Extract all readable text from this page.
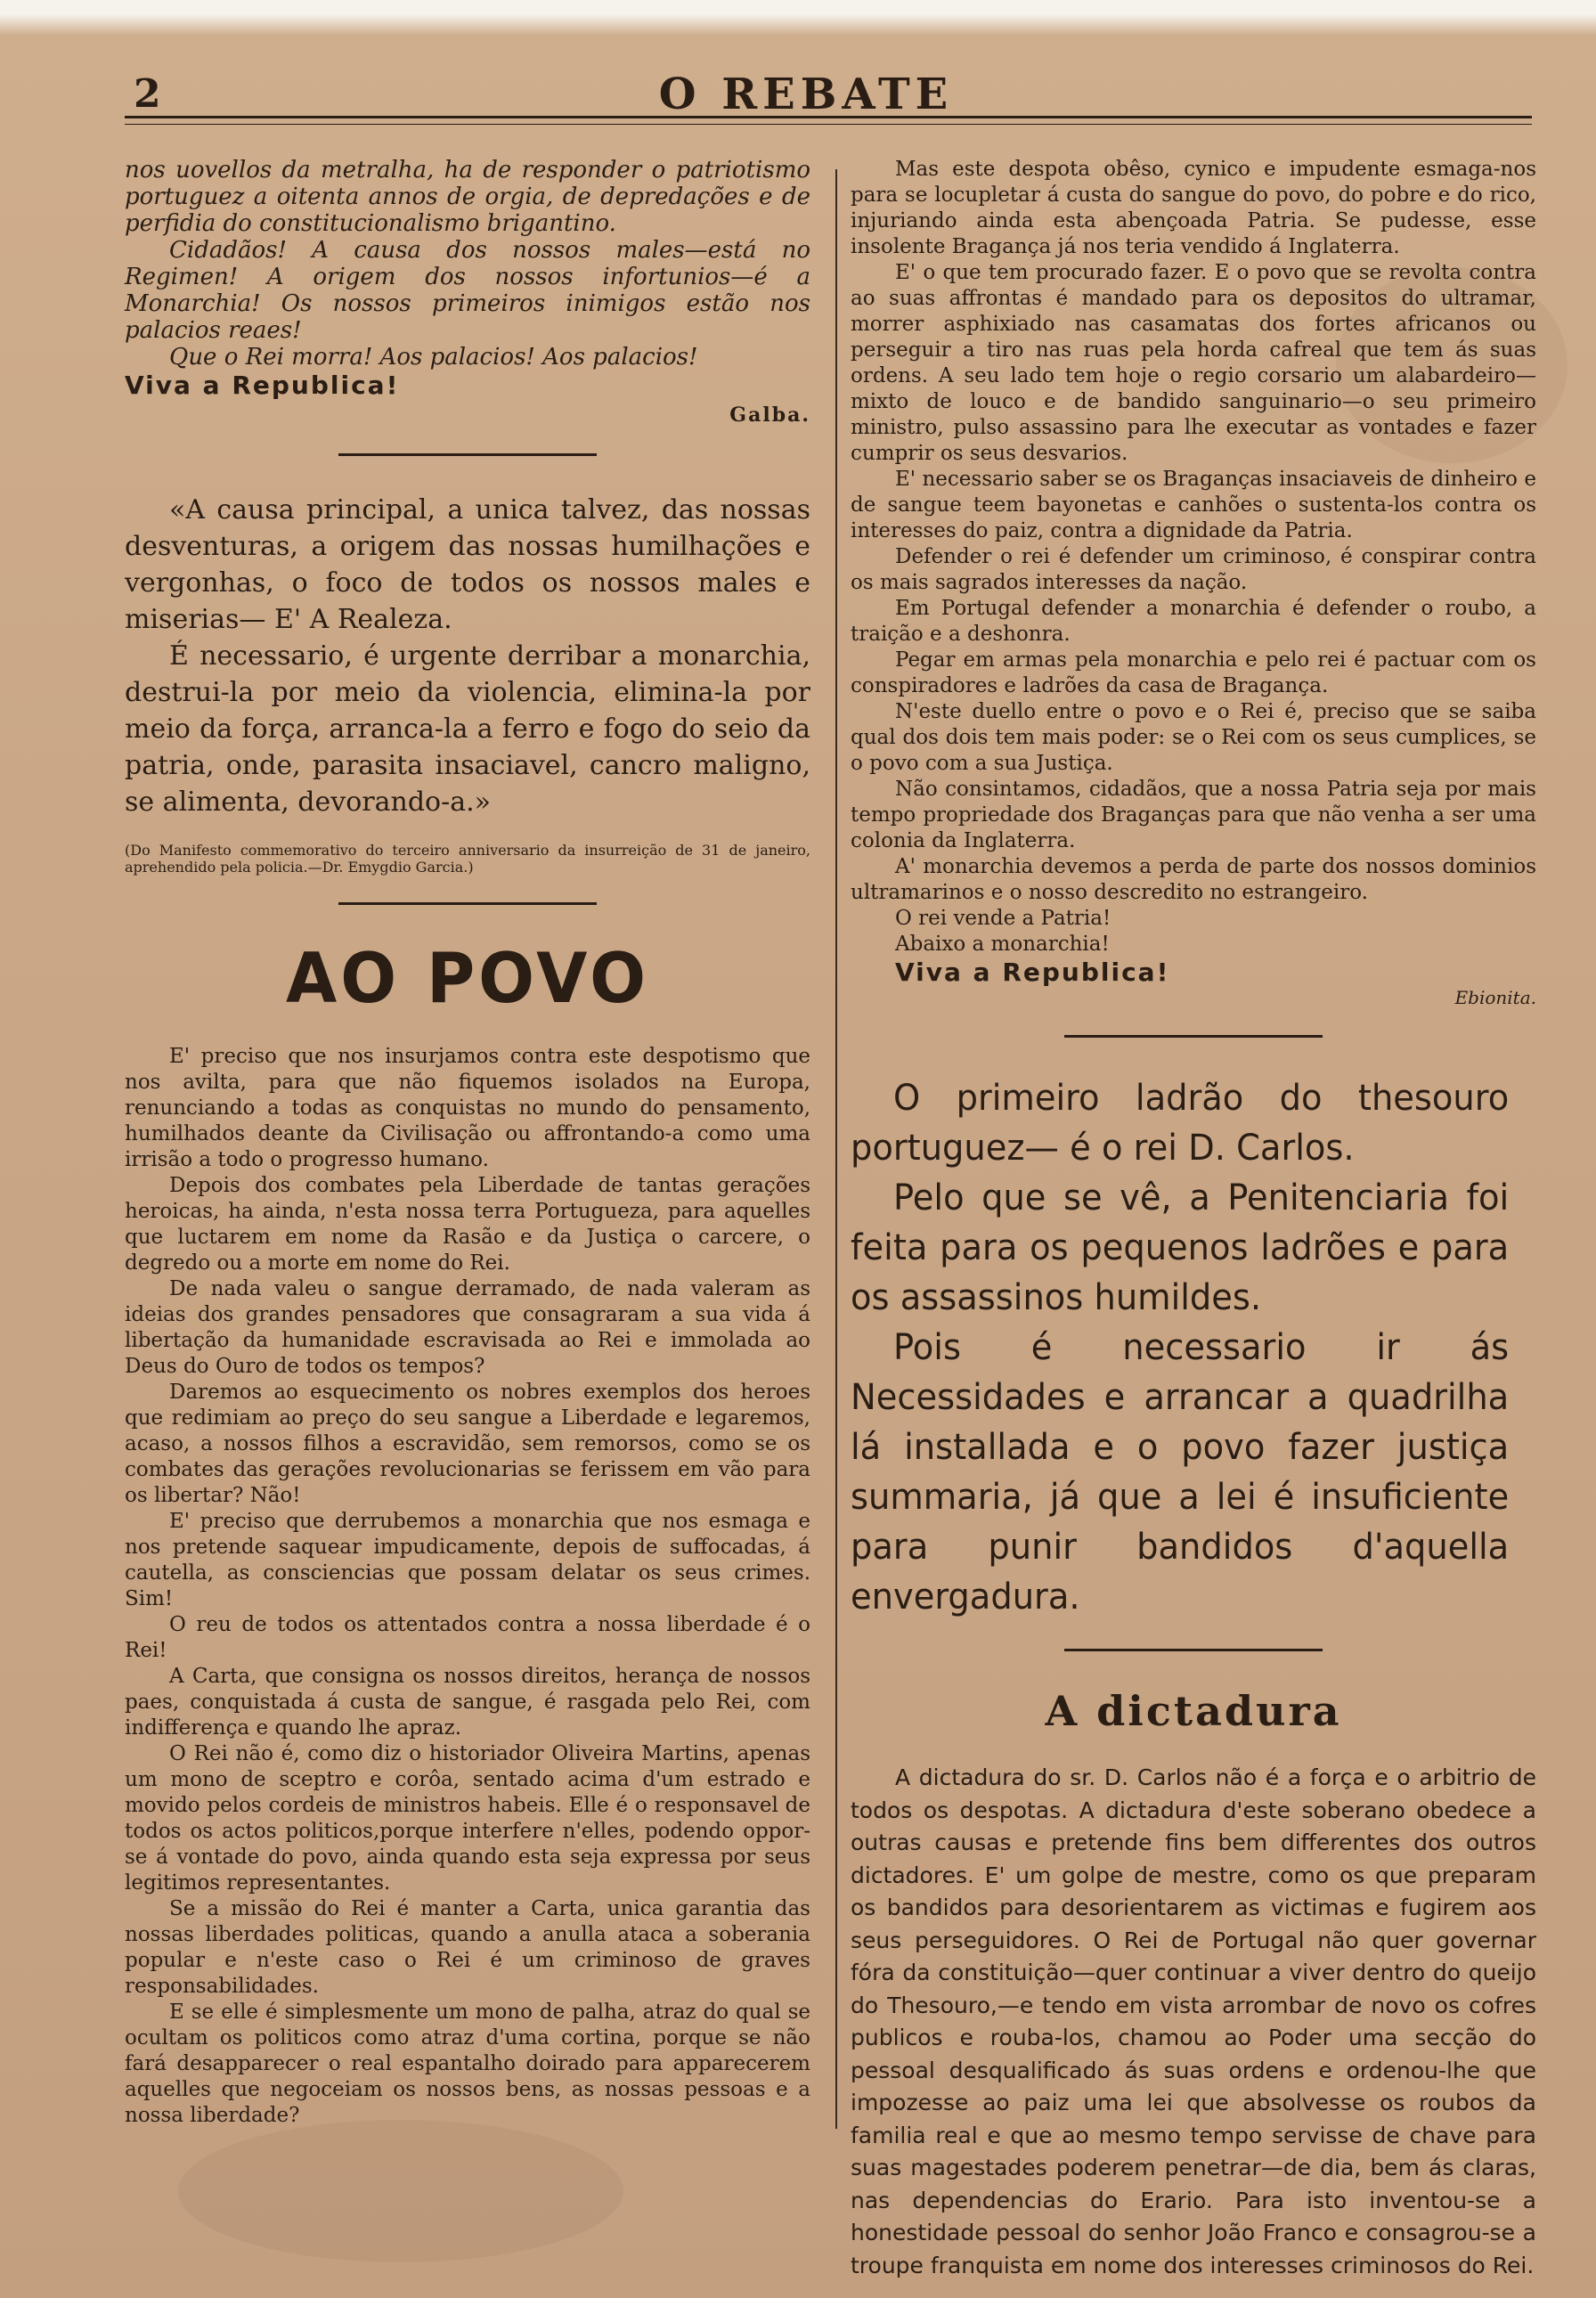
2	O REBATE

nos uovellos da metralha, ha de responder o patriotismo portuguez a oitenta annos de orgia, de depredações e de perfidia do constitucionalismo brigantino.

Cidadãos! A causa dos nossos males—está no Regimen! A origem dos nossos infortunios—é a Monarchia! Os nossos primeiros inimigos estão nos palacios reaes!

Que o Rei morra! Aos palacios! Aos palacios!

Viva a Republica!

Galba.

«A causa principal, a unica talvez, das nossas desventuras, a origem das nossas humilhações e vergonhas, o foco de todos os nossos males e miserias— E' A Realeza.

É necessario, é urgente derribar a monarchia, destrui-la por meio da violencia, elimina-la por meio da força, arranca-la a ferro e fogo do seio da patria, onde, parasita insaciavel, cancro maligno, se alimenta, devorando-a.»

(Do Manifesto commemorativo do terceiro anniversario da insurreição de 31 de janeiro, aprehendido pela policia.—Dr. Emygdio Garcia.)

AO POVO

E' preciso que nos insurjamos contra este despotismo que nos avilta, para que não fiquemos isolados na Europa, renunciando a todas as conquistas no mundo do pensamento, humilhados deante da Civilisação ou affrontando-a como uma irrisão a todo o progresso humano.

Depois dos combates pela Liberdade de tantas gerações heroicas, ha ainda, n'esta nossa terra Portugueza, para aquelles que luctarem em nome da Rasão e da Justiça o carcere, o degredo ou a morte em nome do Rei.

De nada valeu o sangue derramado, de nada valeram as ideias dos grandes pensadores que consagraram a sua vida á libertação da humanidade escravisada ao Rei e immolada ao Deus do Ouro de todos os tempos?

Daremos ao esquecimento os nobres exemplos dos heroes que redimiam ao preço do seu sangue a Liberdade e legaremos, acaso, a nossos filhos a escravidão, sem remorsos, como se os combates das gerações revolucionarias se ferissem em vão para os libertar? Não!

E' preciso que derrubemos a monarchia que nos esmaga e nos pretende saquear impudicamente, depois de suffocadas, á cautella, as consciencias que possam delatar os seus crimes. Sim!

O reu de todos os attentados contra a nossa liberdade é o Rei!

A Carta, que consigna os nossos direitos, herança de nossos paes, conquistada á custa de sangue, é rasgada pelo Rei, com indifferença e quando lhe apraz.

O Rei não é, como diz o historiador Oliveira Martins, apenas um mono de sceptro e corôa, sentado acima d'um estrado e movido pelos cordeis de ministros habeis. Elle é o responsavel de todos os actos politicos,porque interfere n'elles, podendo oppor-se á vontade do povo, ainda quando esta seja expressa por seus legitimos representantes.

Se a missão do Rei é manter a Carta, unica garantia das nossas liberdades politicas, quando a anulla ataca a soberania popular e n'este caso o Rei é um criminoso de graves responsabilidades.

E se elle é simplesmente um mono de palha, atraz do qual se ocultam os politicos como atraz d'uma cortina, porque se não fará desapparecer o real espantalho doirado para apparecerem aquelles que negoceiam os nossos bens, as nossas pessoas e a nossa liberdade?

Mas este despota obêso, cynico e impudente esmaga-nos para se locupletar á custa do sangue do povo, do pobre e do rico, injuriando ainda esta abençoada Patria. Se pudesse, esse insolente Bragança já nos teria vendido á Inglaterra.

E' o que tem procurado fazer. E o povo que se revolta contra ao suas affrontas é mandado para os depositos do ultramar, morrer asphixiado nas casamatas dos fortes africanos ou perseguir a tiro nas ruas pela horda cafreal que tem ás suas ordens. A seu lado tem hoje o regio corsario um alabardeiro— mixto de louco e de bandido sanguinario—o seu primeiro ministro, pulso assassino para lhe executar as vontades e fazer cumprir os seus desvarios.

E' necessario saber se os Braganças insaciaveis de dinheiro e de sangue teem bayonetas e canhões o sustenta-los contra os interesses do paiz, contra a dignidade da Patria.

Defender o rei é defender um criminoso, é conspirar contra os mais sagrados interesses da nação.

Em Portugal defender a monarchia é defender o roubo, a traição e a deshonra.

Pegar em armas pela monarchia e pelo rei é pactuar com os conspiradores e ladrões da casa de Bragança.

N'este duello entre o povo e o Rei é, preciso que se saiba qual dos dois tem mais poder: se o Rei com os seus cumplices, se o povo com a sua Justiça.

Não consintamos, cidadãos, que a nossa Patria seja por mais tempo propriedade dos Braganças para que não venha a ser uma colonia da Inglaterra.

A' monarchia devemos a perda de parte dos nossos dominios ultramarinos e o nosso descredito no estrangeiro.

O rei vende a Patria!

Abaixo a monarchia!

Viva a Republica!

Ebionita.

O primeiro ladrão do thesouro portuguez— é o rei D. Carlos.

Pelo que se vê, a Penitenciaria foi feita para os pequenos ladrões e para os assassinos humildes.

Pois é necessario ir ás Necessidades e arrancar a quadrilha lá installada e o povo fazer justiça summaria, já que a lei é insuficiente para punir bandidos d'aquella envergadura.

A dictadura

A dictadura do sr. D. Carlos não é a força e o arbitrio de todos os despotas. A dictadura d'este soberano obedece a outras causas e pretende fins bem differentes dos outros dictadores. E' um golpe de mestre, como os que preparam os bandidos para desorientarem as victimas e fugirem aos seus perseguidores. O Rei de Portugal não quer governar fóra da constituição—quer continuar a viver dentro do queijo do Thesouro,—e tendo em vista arrombar de novo os cofres publicos e rouba-los, chamou ao Poder uma secção do pessoal desqualificado ás suas ordens e ordenou-lhe que impozesse ao paiz uma lei que absolvesse os roubos da familia real e que ao mesmo tempo servisse de chave para suas magestades poderem penetrar—de dia, bem ás claras, nas dependencias do Erario. Para isto inventou-se a honestidade pessoal do senhor João Franco e consagrou-se a troupe franquista em nome dos interesses criminosos do Rei.
